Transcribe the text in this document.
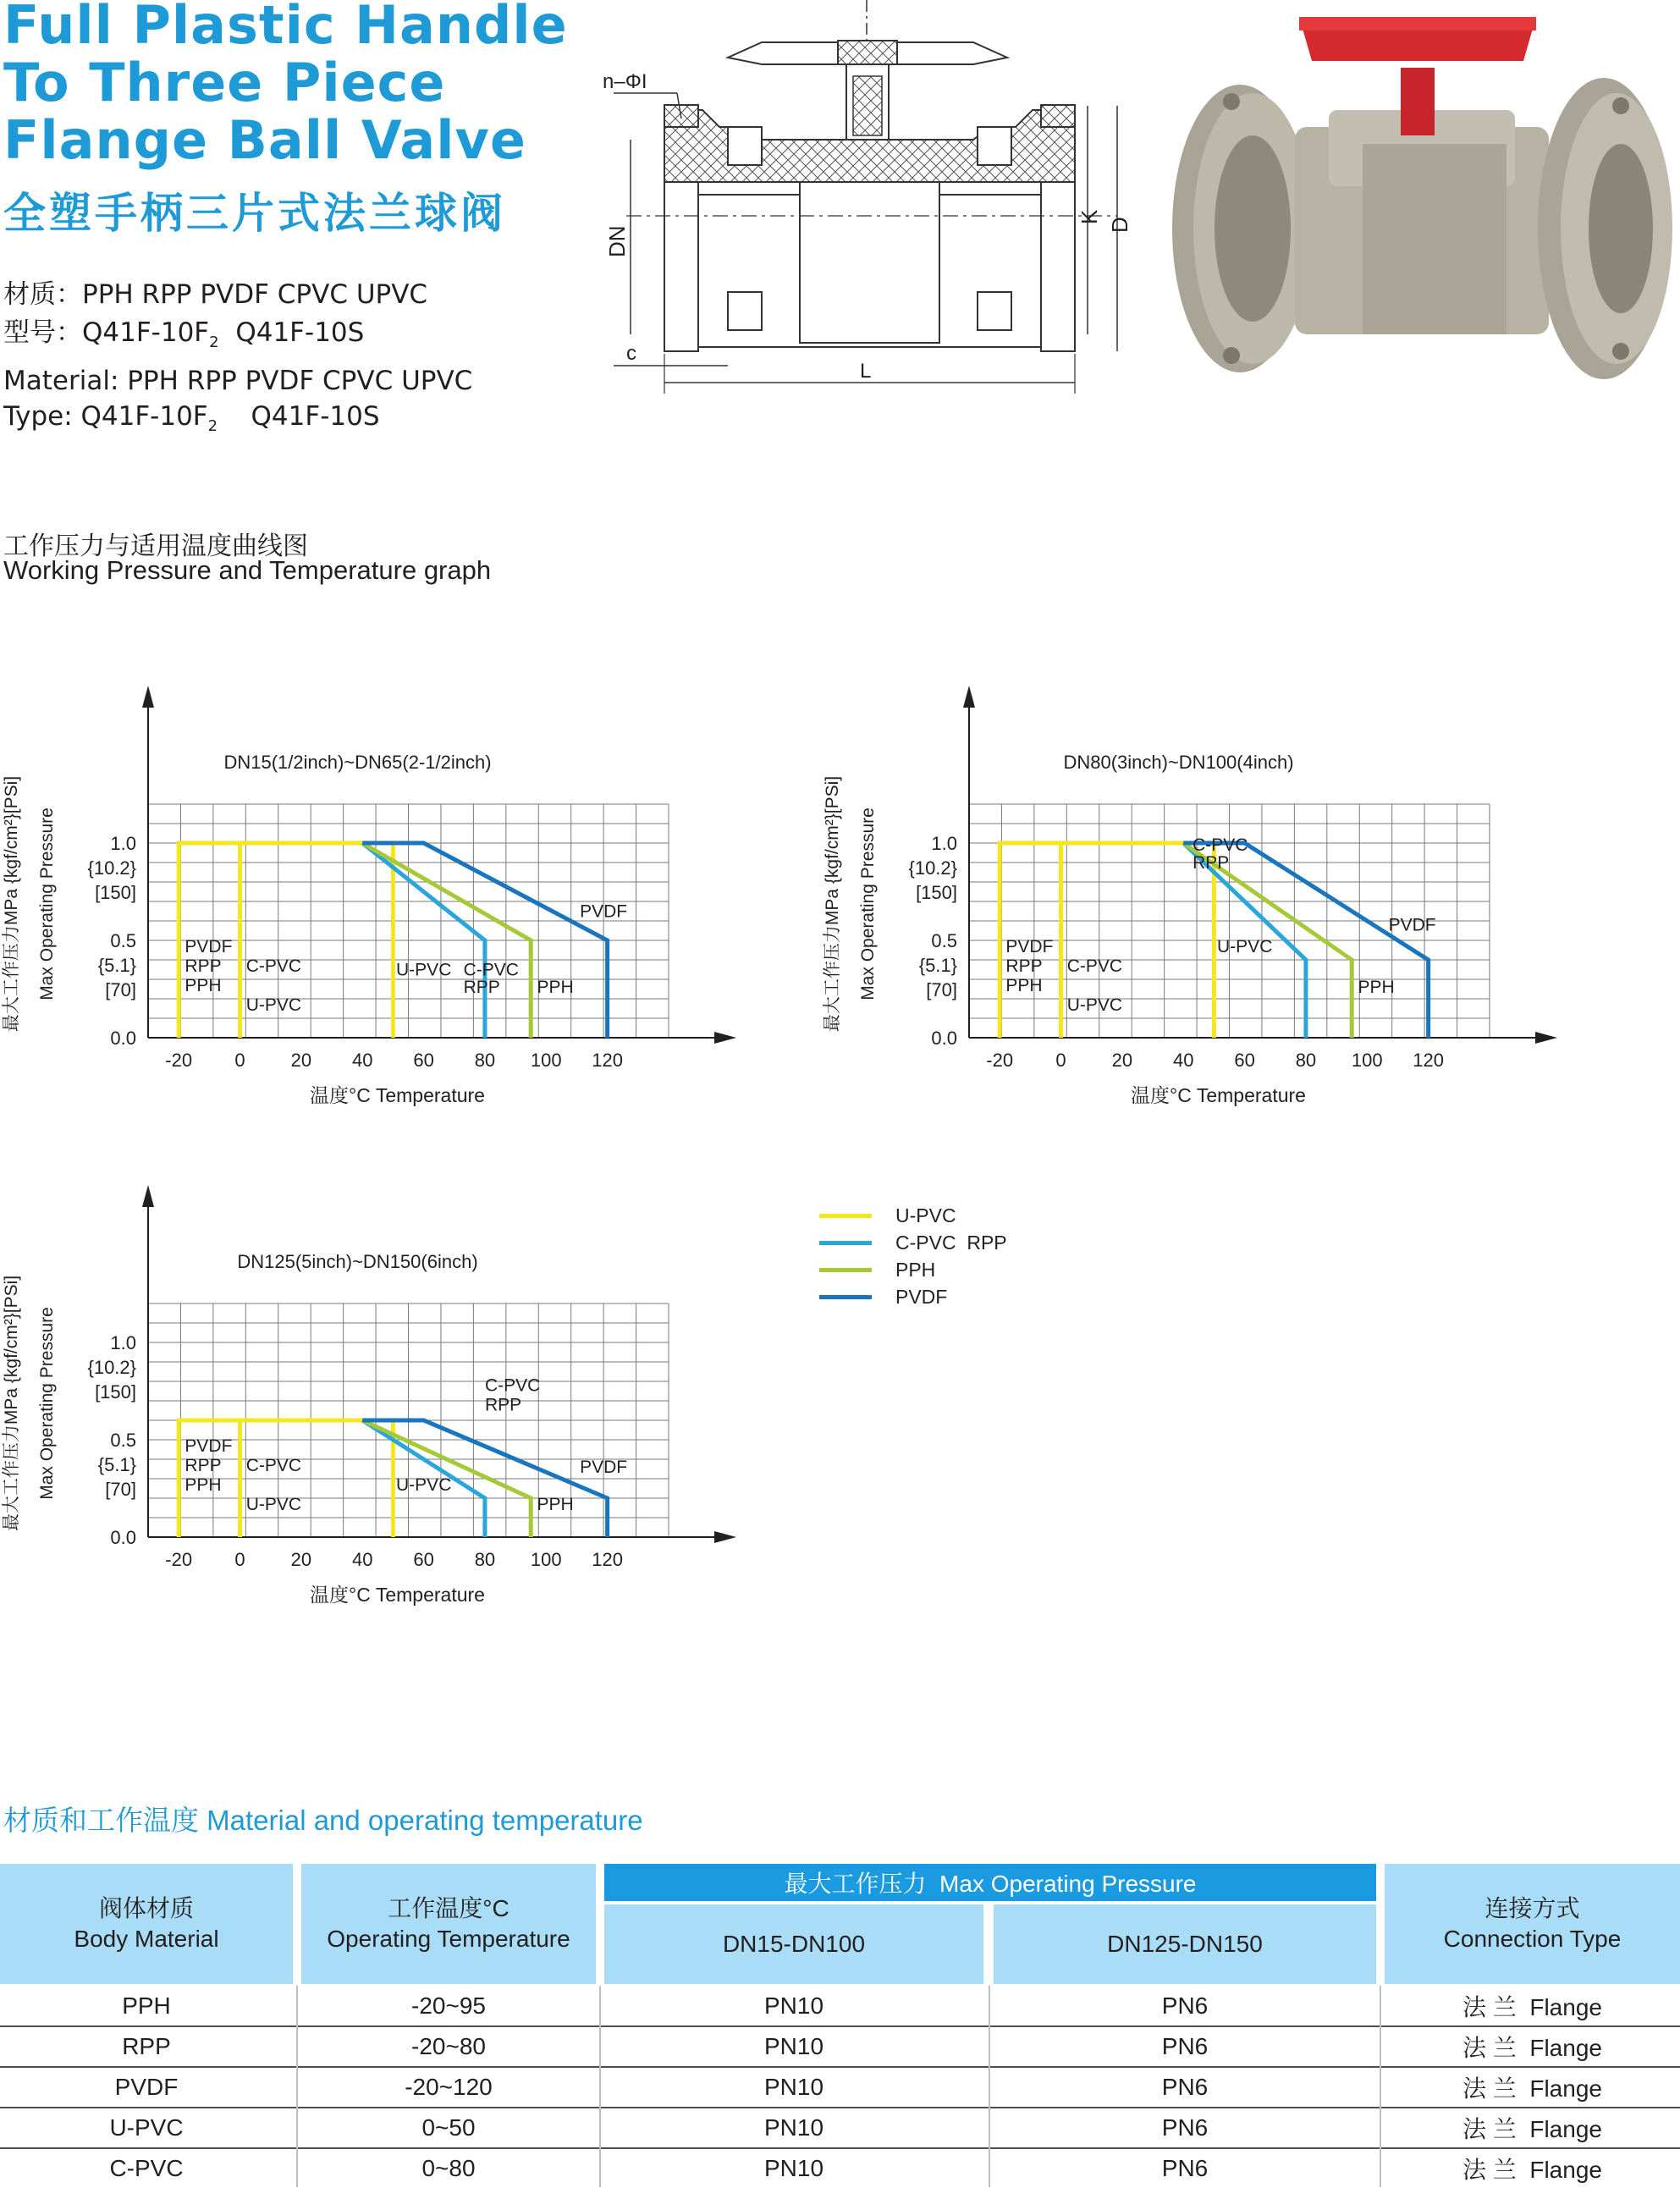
Full Plastic Handle
To Three Piece
Flange Ball Valve
全塑手柄三片式法兰球阀
材质：PPH RPP PVDF CPVC UPVC
型号：$Q41F-10F_2$ Q41F-10S
Material: PPH RPP PVDF CPVC UPVC
Type: $Q41F-10F_2$ Q41F-10S
n–ΦI
DN
K D
c
L
工作压力与适用温度曲线图
Working Pressure and Temperature graph
DN15(1/2inch)~DN65(2-1/2inch)
-20 0 20 40 60 80 100 120
温度°C Temperature
1.0
{10.2}
[150]
0.5
{5.1}
[70]
0.0
最大工作压力MPa {kgf/cm²}[PSi] Max Operating Pressure	PVDF
RPP
PPH
C-PVC
U-PVC
U-PVC C-PVC
RPP PPH
PVDF
DN80(3inch)~DN100(4inch)
-20 0 20 40 60 80 100 120
温度°C Temperature
1.0
{10.2}
[150]
0.5
{5.1}
[70]
0.0
最大工作压力MPa {kgf/cm²}[PSi] Max Operating Pressure	PVDF
RPP
PPH
C-PVC
U-PVC
U-PVC
C-PVC
RPP
PPH
PVDF
DN125(5inch)~DN150(6inch)
-20 0 20 40 60 80 100 120
温度°C Temperature
1.0
{10.2}
[150]
0.5
{5.1}
[70]
0.0
最大工作压力MPa {kgf/cm²}[PSi] Max Operating Pressure	PVDF
RPP
PPH
C-PVC
U-PVC
U-PVC
C-PVC
RPP
PPH
PVDF
U-PVC
C-PVC  RPP
PPH
PVDF
材质和工作温度 Material and operating temperature
阀体材质
Body Material
工作温度°C
Operating Temperature
最大工作压力  Max Operating Pressure
DN15-DN100	DN125-DN150
连接方式
Connection Type
PPH	-20~95	PN10	PN6	法 兰  Flange
RPP	-20~80	PN10	PN6	法 兰  Flange
PVDF	-20~120	PN10	PN6	法 兰  Flange
U-PVC	0~50	PN10	PN6	法 兰  Flange
C-PVC	0~80	PN10	PN6	法 兰  Flange
